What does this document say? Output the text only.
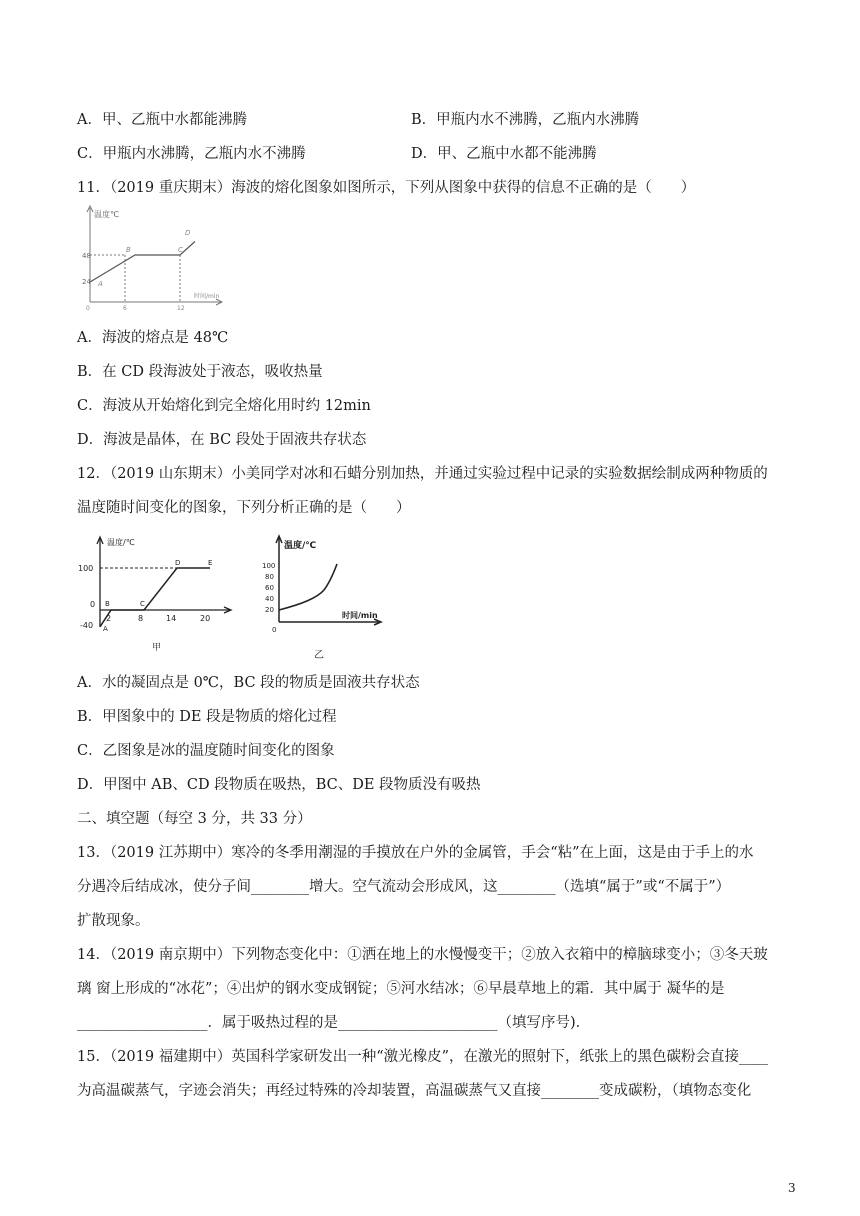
A．甲、乙瓶中水都能沸腾	B．甲瓶内水不沸腾，乙瓶内水沸腾
C．甲瓶内水沸腾，乙瓶内水不沸腾	D．甲、乙瓶中水都不能沸腾
11．（2019 重庆期末）海波的熔化图象如图所示，下列从图象中获得的信息不正确的是（　　）
温度℃
48
24
0	6	12
时间/min
A
B	C
D
A．海波的熔点是 48℃
B．在 CD 段海波处于液态，吸收热量
C．海波从开始熔化到完全熔化用时约 12min
D．海波是晶体，在 BC 段处于固液共存状态
12．（2019 山东期末）小美同学对冰和石蜡分别加热，并通过实验过程中记录的实验数据绘制成两种物质的
温度随时间变化的图象，下列分析正确的是（　　）
温度/℃
100
0
-40
2	8	14	20
A
B	C
D	E
甲
温度/℃
100
80
60
40
20
0
时间/min
乙
A．水的凝固点是 0℃，BC 段的物质是固液共存状态
B．甲图象中的 DE 段是物质的熔化过程
C．乙图象是冰的温度随时间变化的图象
D．甲图中 AB、CD 段物质在吸热，BC、DE 段物质没有吸热
二、填空题（每空 3 分，共 33 分）
13．（2019 江苏期中）寒冷的冬季用潮湿的手摸放在户外的金属管，手会“粘”在上面，这是由于手上的水
分遇冷后结成冰，使分子间________增大。空气流动会形成风，这________（选填“属于”或“不属于”）
扩散现象。
14．（2019 南京期中）下列物态变化中：①洒在地上的水慢慢变干；②放入衣箱中的樟脑球变小；③冬天玻
璃 窗上形成的“冰花”；④出炉的钢水变成钢锭；⑤河水结冰；⑥早晨草地上的霜．其中属于 凝华的是
__________________．属于吸热过程的是______________________（填写序号)．
15．（2019 福建期中）英国科学家研发出一种“激光橡皮”，在激光的照射下，纸张上的黑色碳粉会直接____
为高温碳蒸气，字迹会消失；再经过特殊的冷却装置，高温碳蒸气又直接________变成碳粉，（填物态变化
3
